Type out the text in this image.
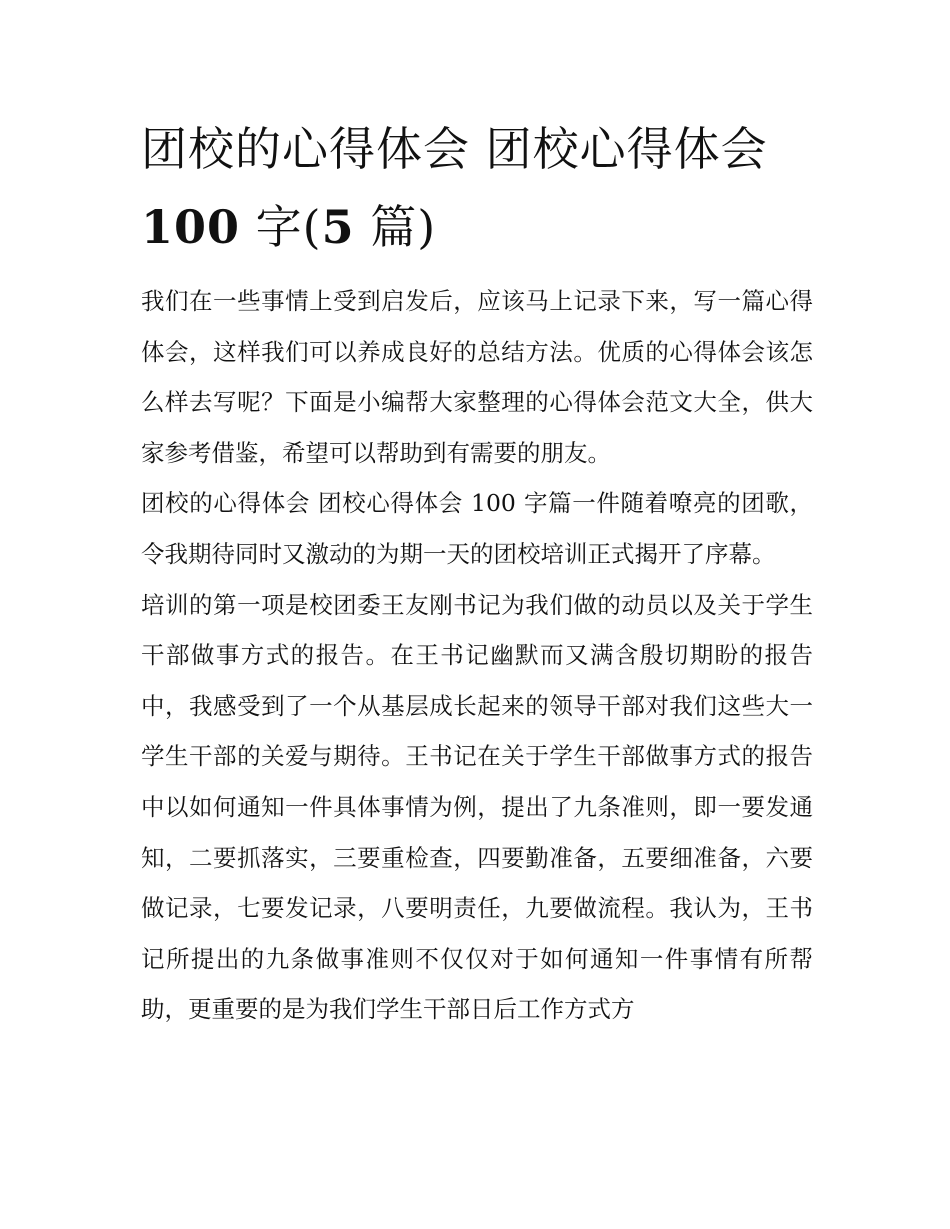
团校的心得体会 团校心得体会
100 字(5 篇)

我们在一些事情上受到启发后，应该马上记录下来，写一篇心得体会，这样我们可以养成良好的总结方法。优质的心得体会该怎么样去写呢？下面是小编帮大家整理的心得体会范文大全，供大家参考借鉴，希望可以帮助到有需要的朋友。

团校的心得体会 团校心得体会 100 字篇一件随着嘹亮的团歌，令我期待同时又激动的为期一天的团校培训正式揭开了序幕。

培训的第一项是校团委王友刚书记为我们做的动员以及关于学生干部做事方式的报告。在王书记幽默而又满含殷切期盼的报告中，我感受到了一个从基层成长起来的领导干部对我们这些大一学生干部的关爱与期待。王书记在关于学生干部做事方式的报告中以如何通知一件具体事情为例，提出了九条准则，即一要发通知，二要抓落实，三要重检查，四要勤准备，五要细准备，六要做记录，七要发记录，八要明责任，九要做流程。我认为，王书记所提出的九条做事准则不仅仅对于如何通知一件事情有所帮助，更重要的是为我们学生干部日后工作方式方
